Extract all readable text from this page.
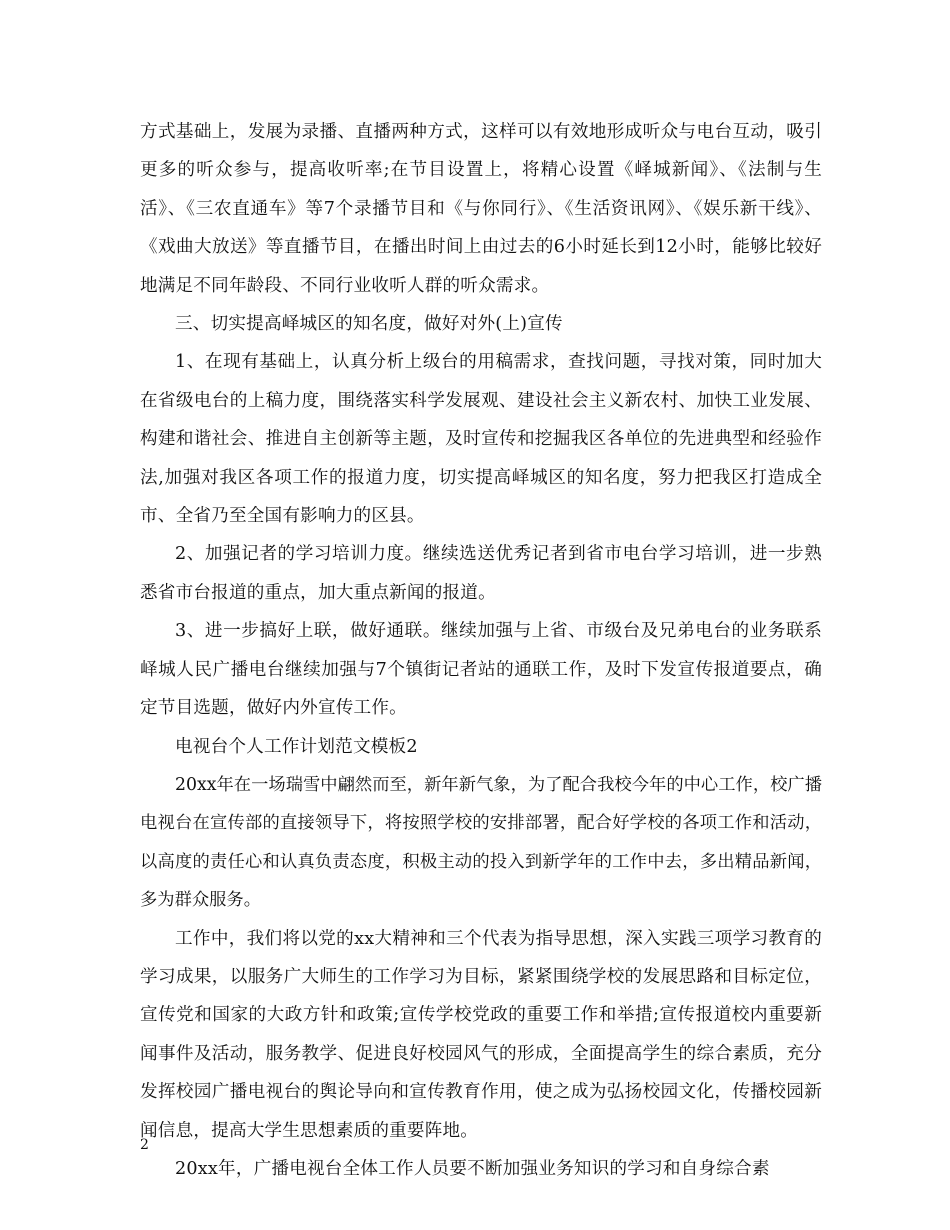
方式基础上，发展为录播、直播两种方式，这样可以有效地形成听众与电台互动，吸引更多的听众参与，提高收听率;在节目设置上，将精心设置《峄城新闻》、《法制与生活》、《三农直通车》等7个录播节目和《与你同行》、《生活资讯网》、《娱乐新干线》、《戏曲大放送》等直播节目，在播出时间上由过去的6小时延长到12小时，能够比较好地满足不同年龄段、不同行业收听人群的听众需求。

三、切实提高峄城区的知名度，做好对外(上)宣传

1、在现有基础上，认真分析上级台的用稿需求，查找问题，寻找对策，同时加大在省级电台的上稿力度，围绕落实科学发展观、建设社会主义新农村、加快工业发展、构建和谐社会、推进自主创新等主题，及时宣传和挖掘我区各单位的先进典型和经验作法,加强对我区各项工作的报道力度，切实提高峄城区的知名度，努力把我区打造成全市、全省乃至全国有影响力的区县。

2、加强记者的学习培训力度。继续选送优秀记者到省市电台学习培训，进一步熟悉省市台报道的重点，加大重点新闻的报道。

3、进一步搞好上联，做好通联。继续加强与上省、市级台及兄弟电台的业务联系峄城人民广播电台继续加强与7个镇街记者站的通联工作，及时下发宣传报道要点，确定节目选题，做好内外宣传工作。

电视台个人工作计划范文模板2

20xx年在一场瑞雪中翩然而至，新年新气象，为了配合我校今年的中心工作，校广播电视台在宣传部的直接领导下，将按照学校的安排部署，配合好学校的各项工作和活动，以高度的责任心和认真负责态度，积极主动的投入到新学年的工作中去，多出精品新闻，多为群众服务。

工作中，我们将以党的xx大精神和三个代表为指导思想，深入实践三项学习教育的学习成果，以服务广大师生的工作学习为目标，紧紧围绕学校的发展思路和目标定位，宣传党和国家的大政方针和政策;宣传学校党政的重要工作和举措;宣传报道校内重要新闻事件及活动，服务教学、促进良好校园风气的形成，全面提高学生的综合素质，充分发挥校园广播电视台的舆论导向和宣传教育作用，使之成为弘扬校园文化，传播校园新闻信息，提高大学生思想素质的重要阵地。

20xx年，广播电视台全体工作人员要不断加强业务知识的学习和自身综合素

2
